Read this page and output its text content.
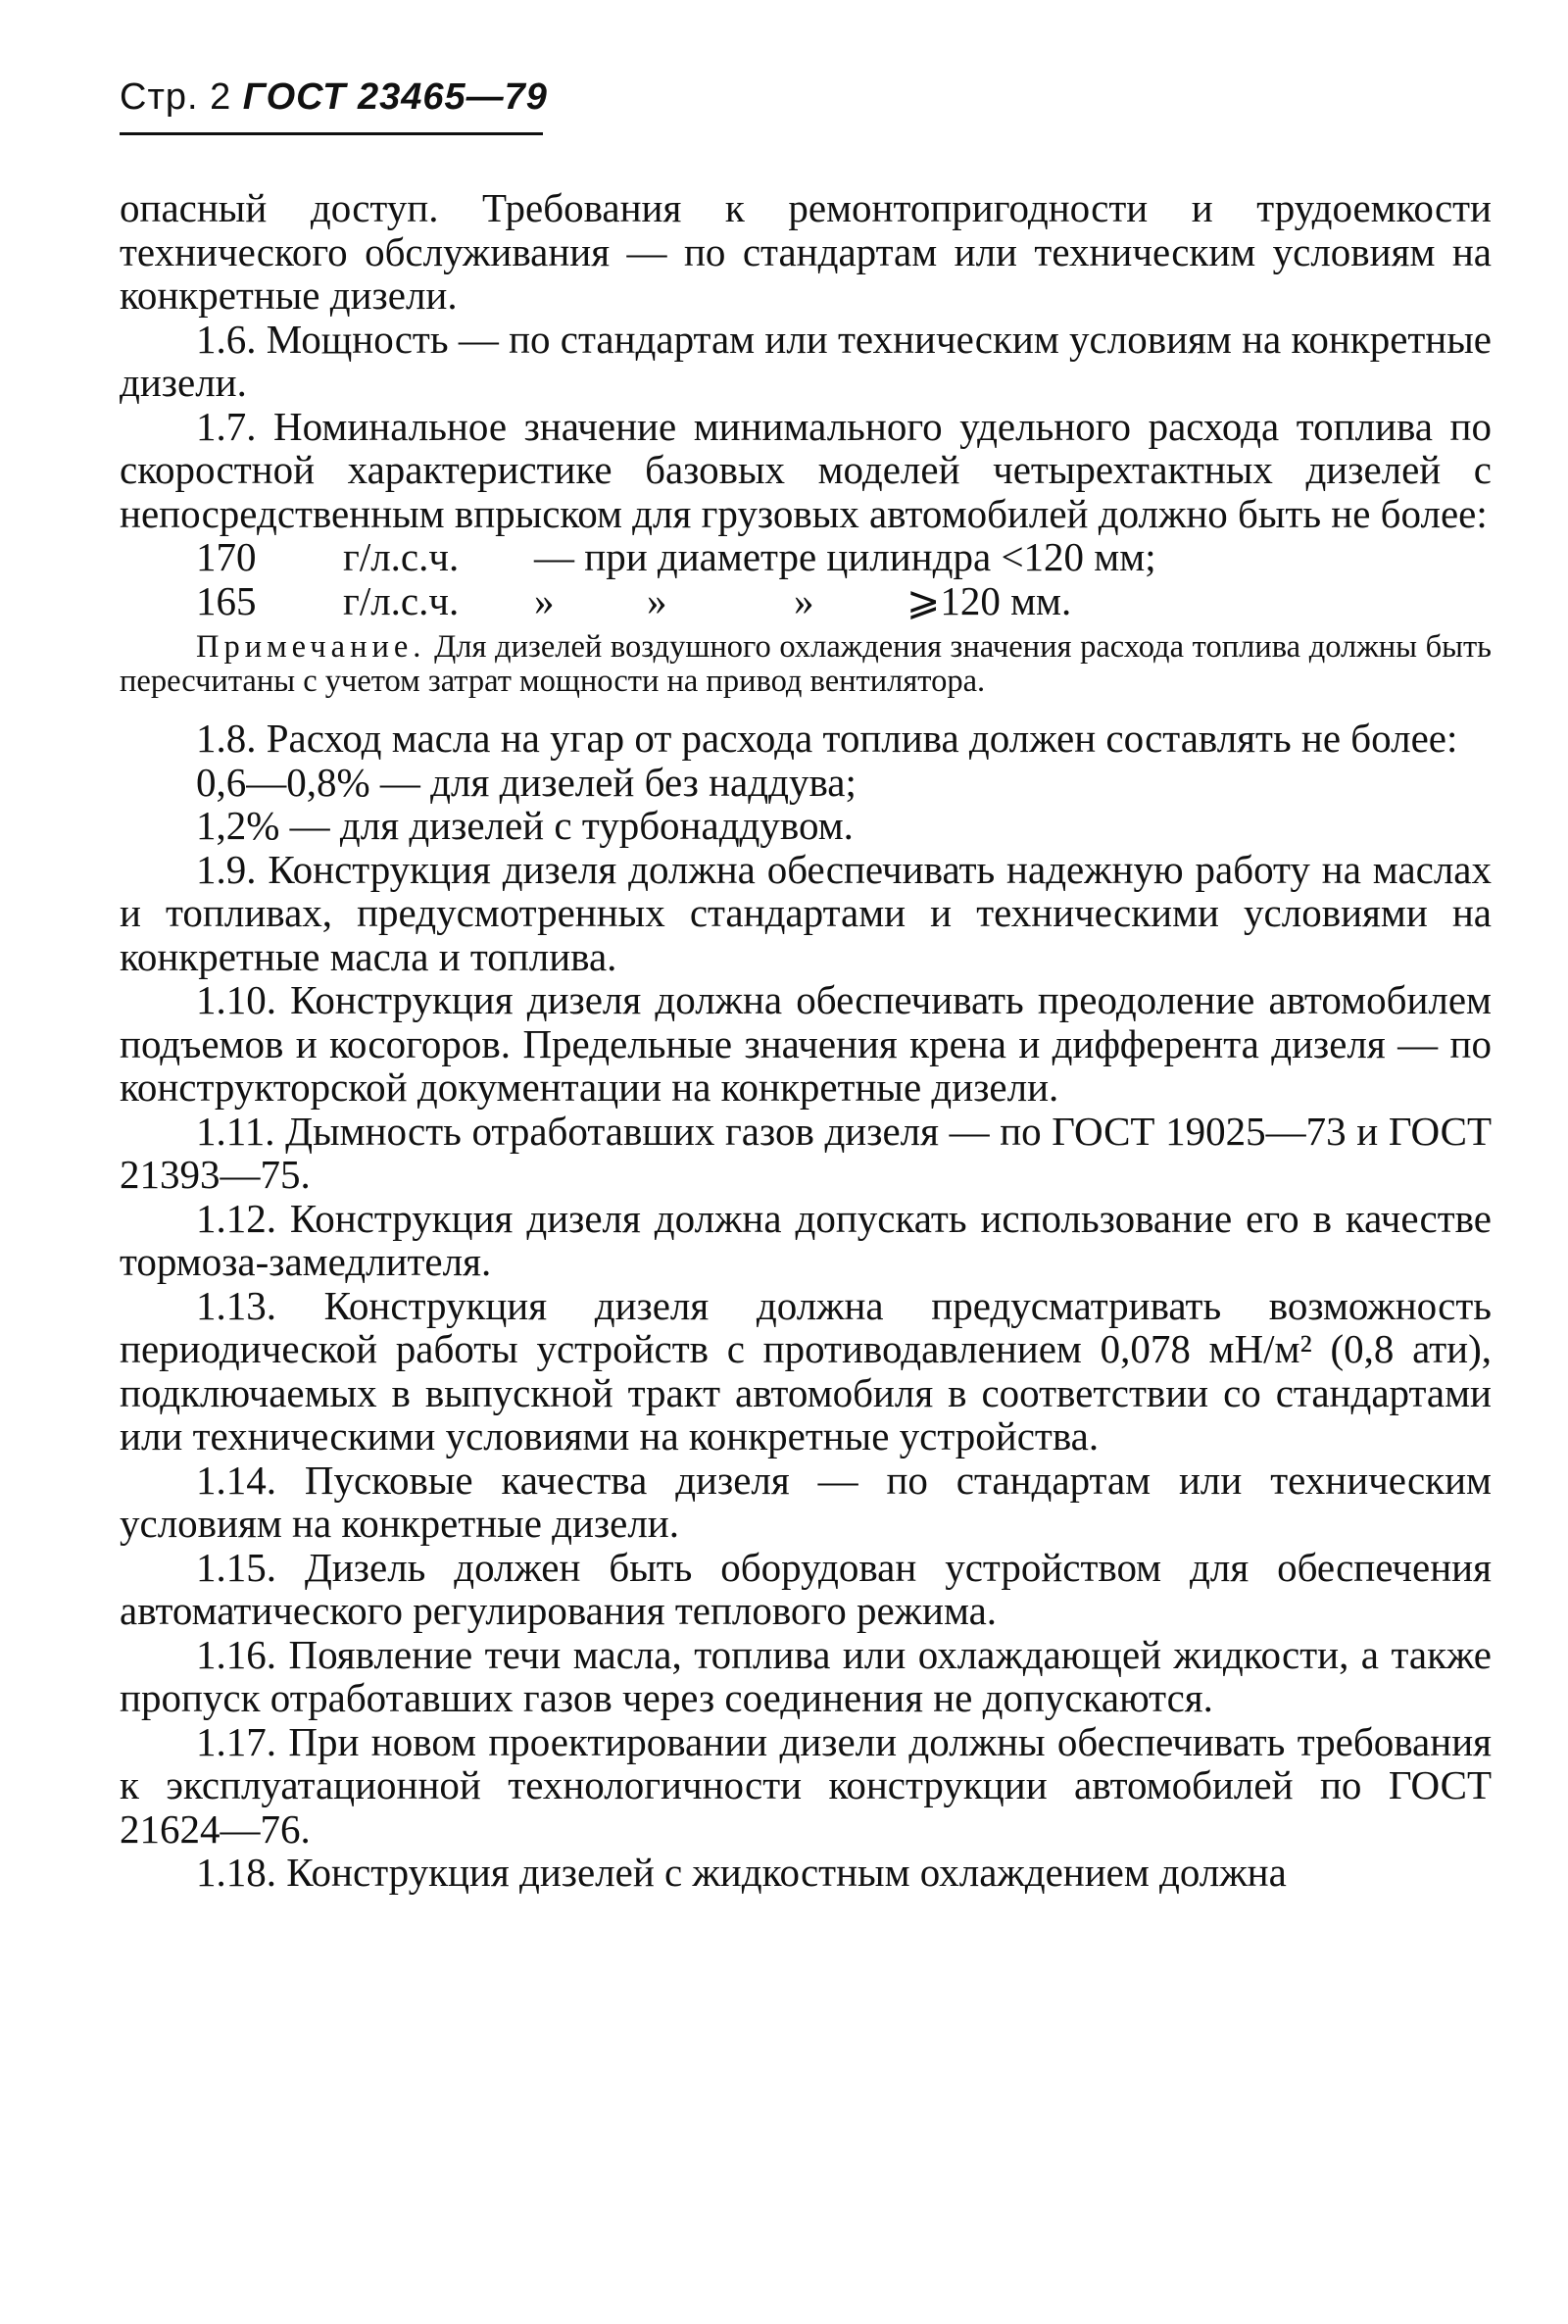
Стр. 2 ГОСТ 23465—79

опасный доступ. Требования к ремонтопригодности и трудоемкости технического обслуживания — по стандартам или техническим условиям на конкретные дизели.

1.6. Мощность — по стандартам или техническим условиям на конкретные дизели.

1.7. Номинальное значение минимального удельного расхода топлива по скоростной характеристике базовых моделей четырехтактных дизелей с непосредственным впрыском для грузовых автомобилей должно быть не более:

170 г/л.с.ч. — при диаметре цилиндра <120 мм;

165 г/л.с.ч. » »	» ⩾120 мм.

Примечание. Для дизелей воздушного охлаждения значения расхода топлива должны быть пересчитаны с учетом затрат мощности на привод вентилятора.

1.8. Расход масла на угар от расхода топлива должен составлять не более:

0,6—0,8% — для дизелей без наддува;

1,2% — для дизелей с турбонаддувом.

1.9. Конструкция дизеля должна обеспечивать надежную работу на маслах и топливах, предусмотренных стандартами и техническими условиями на конкретные масла и топлива.

1.10. Конструкция дизеля должна обеспечивать преодоление автомобилем подъемов и косогоров. Предельные значения крена и дифферента дизеля — по конструкторской документации на конкретные дизели.

1.11. Дымность отработавших газов дизеля — по ГОСТ 19025—73 и ГОСТ 21393—75.

1.12. Конструкция дизеля должна допускать использование его в качестве тормоза-замедлителя.

1.13. Конструкция дизеля должна предусматривать возможность периодической работы устройств с противодавлением 0,078 мН/м² (0,8 ати), подключаемых в выпускной тракт автомобиля в соответствии со стандартами или техническими условиями на конкретные устройства.

1.14. Пусковые качества дизеля — по стандартам или техническим условиям на конкретные дизели.

1.15. Дизель должен быть оборудован устройством для обеспечения автоматического регулирования теплового режима.

1.16. Появление течи масла, топлива или охлаждающей жидкости, а также пропуск отработавших газов через соединения не допускаются.

1.17. При новом проектировании дизели должны обеспечивать требования к эксплуатационной технологичности конструкции автомобилей по ГОСТ 21624—76.

1.18. Конструкция дизелей с жидкостным охлаждением должна
